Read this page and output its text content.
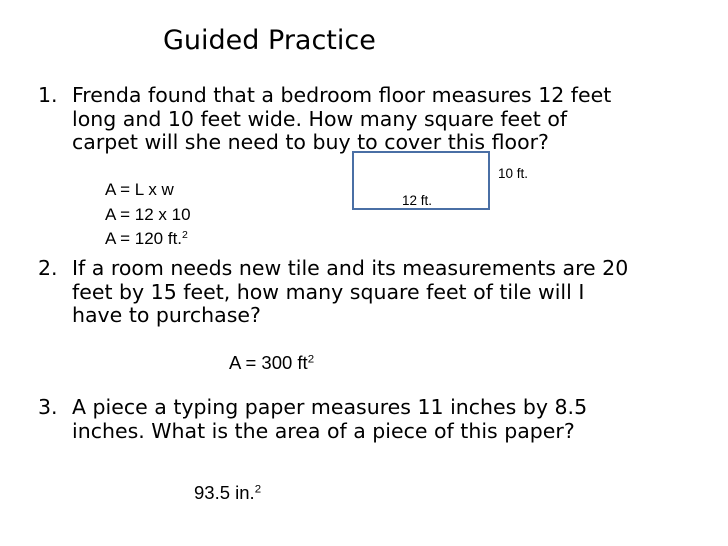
Guided Practice
1. Frenda found that a bedroom floor measures 12 feet
long and 10 feet wide. How many square feet of
carpet will she need to buy to cover this floor?
A = L x w
A = 12 x 10
A = 120 ft.$^2$
10 ft.
12 ft.
2. If a room needs new tile and its measurements are 20
feet by 15 feet, how many square feet of tile will I
have to purchase?
A = 300 $ft^2$
3. A piece a typing paper measures 11 inches by 8.5
inches. What is the area of a piece of this paper?
93.5 in.$^2$
